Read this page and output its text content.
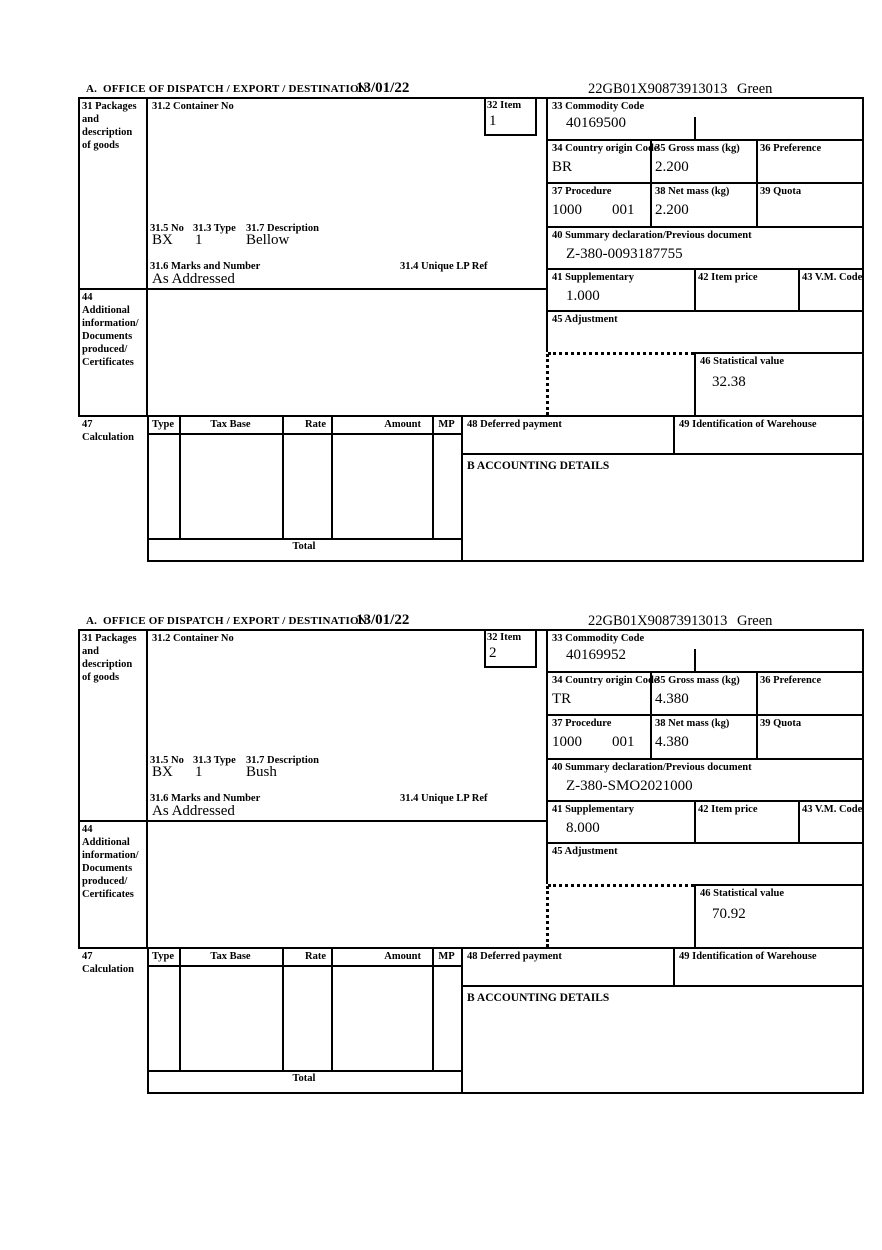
A.  OFFICE OF DISPATCH / EXPORT / DESTINATION
13/01/22	22GB01X90873913013 Green
31 Packages
and
description
of goods
31.2 Container No	32 Item
1
31.5 No 31.3 Type 31.7 Description
BX 1	Bellow
31.6 Marks and Number	31.4 Unique LP Ref
As Addressed
44
Additional
information/
Documents
produced/
Certificates
33 Commodity Code
40169500
34 Country origin Code
BR
35 Gross mass (kg)
2.200
36 Preference
37 Procedure
1000 001
38 Net mass (kg)
2.200
39 Quota
40 Summary declaration/Previous document
Z-380-0093187755
41 Supplementary
1.000
42 Item price	43 V.M. Code
45 Adjustment
46 Statistical value
32.38
47
Calculation
Type	Tax Base	Rate	Amount	MP
Total
48 Deferred payment	49 Identification of Warehouse
B ACCOUNTING DETAILS
A.  OFFICE OF DISPATCH / EXPORT / DESTINATION
13/01/22	22GB01X90873913013 Green
31 Packages
and
description
of goods
31.2 Container No	32 Item
2
31.5 No 31.3 Type 31.7 Description
BX 1	Bush
31.6 Marks and Number	31.4 Unique LP Ref
As Addressed
44
Additional
information/
Documents
produced/
Certificates
33 Commodity Code
40169952
34 Country origin Code
TR
35 Gross mass (kg)
4.380
36 Preference
37 Procedure
1000 001
38 Net mass (kg)
4.380
39 Quota
40 Summary declaration/Previous document
Z-380-SMO2021000
41 Supplementary
8.000
42 Item price	43 V.M. Code
45 Adjustment
46 Statistical value
70.92
47
Calculation
Type	Tax Base	Rate	Amount	MP
Total
48 Deferred payment	49 Identification of Warehouse
B ACCOUNTING DETAILS
